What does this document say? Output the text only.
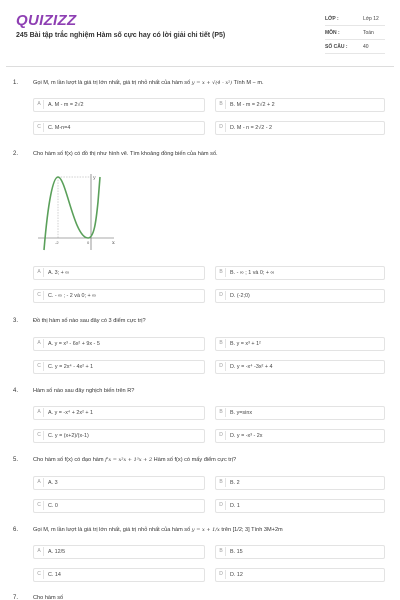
QUIZIZZ
245 Bài tập trắc nghiệm Hàm số cực hay có lời giải chi tiết (P5)
LỚP :	Lớp 12
MÔN :	Toán
SỐ CÂU :	40
1.	Gọi M, m lần lượt là giá trị lớn nhất, giá trị nhỏ nhất của hàm số y = x + √(4 - x²) Tính M − m.
A	A. M - m = 2√2	B	B. M - m = 2√2 + 2
C	C. M-n=4	D	D. M - n = 2√2 - 2
2.	Cho hàm số f(x) có đồ thị như hình vẽ. Tìm khoảng đồng biến của hàm số.
x
y
-2	0
A	A. 3; + ∞	B	B. - ∞ ; 1 và 0; + ∞
C	C. - ∞ ; - 2 và 0; + ∞	D	D. (-2;0)
3.	Đồ thị hàm số nào sau đây có 3 điểm cực trị?
A	A. y = x³ - 6x² + 9x - 5	B	B. y = x³ + 1²
C	C. y = 2x⁴ - 4x² + 1	D	D. y = -x⁴ -3x² + 4
4.	Hàm số nào sau đây nghịch biến trên R?
A	A. y = -x⁴ + 2x² + 1	B	B. y=sinx
C	C. y = (x+2)/(x-1)	D	D. y = -x³ - 2x
5.	Cho hàm số f(x) có đạo hàm f'x = x²x + 1³x + 2 Hàm số f(x) có mấy điểm cực trị?
A	A. 3	B	B. 2
C	C. 0	D	D. 1
6.	Gọi M, m lần lượt là giá trị lớn nhất, giá trị nhỏ nhất của hàm số y = x + 1/x trên [1/2; 3] Tính 3M+2m
A	A. 12/5	B	B. 15
C	C. 14	D	D. 12
7.	Cho hàm số
